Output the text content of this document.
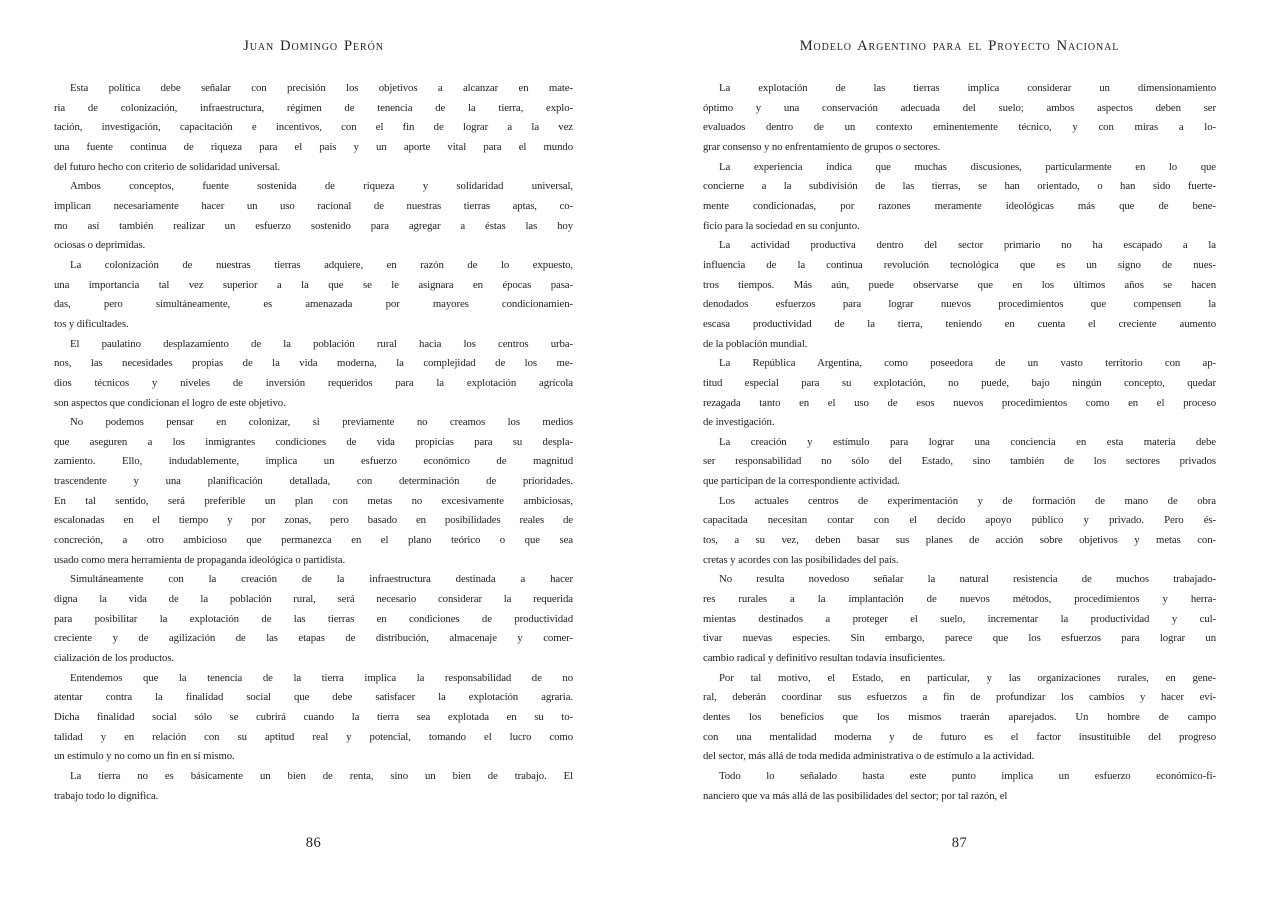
Juan Domingo Perón
Esta política debe señalar con precisión los objetivos a alcanzar en mate-
ria de colonización, infraestructura, régimen de tenencia de la tierra, explo-
tación, investigación, capacitación e incentivos, con el fin de lograr a la vez
una fuente continua de riqueza para el país y un aporte vital para el mundo
del futuro hecho con criterio de solidaridad universal.
Ambos conceptos, fuente sostenida de riqueza y solidaridad universal,
implican necesariamente hacer un uso racional de nuestras tierras aptas, co-
mo así también realizar un esfuerzo sostenido para agregar a éstas las hoy
ociosas o deprimidas.
La colonización de nuestras tierras adquiere, en razón de lo expuesto,
una importancia tal vez superior a la que se le asignara en épocas pasa-
das, pero simultáneamente, es amenazada por mayores condicionamien-
tos y dificultades.
El paulatino desplazamiento de la población rural hacia los centros urba-
nos, las necesidades propias de la vida moderna, la complejidad de los me-
dios técnicos y niveles de inversión requeridos para la explotación agrícola
son aspectos que condicionan el logro de este objetivo.
No podemos pensar en colonizar, si previamente no creamos los medios
que aseguren a los inmigrantes condiciones de vida propicias para su despla-
zamiento. Ello, indudablemente, implica un esfuerzo económico de magnitud
trascendente y una planificación detallada, con determinación de prioridades.
En tal sentido, será preferible un plan con metas no excesivamente ambiciosas,
escalonadas en el tiempo y por zonas, pero basado en posibilidades reales de
concreción, a otro ambicioso que permanezca en el plano teórico o que sea
usado como mera herramienta de propaganda ideológica o partidista.
Simultáneamente con la creación de la infraestructura destinada a hacer
digna la vida de la población rural, será necesario considerar la requerida
para posibilitar la explotación de las tierras en condiciones de productividad
creciente y de agilización de las etapas de distribución, almacenaje y comer-
cialización de los productos.
Entendemos que la tenencia de la tierra implica la responsabilidad de no
atentar contra la finalidad social que debe satisfacer la explotación agraria.
Dicha finalidad social sólo se cubrirá cuando la tierra sea explotada en su to-
talidad y en relación con su aptitud real y potencial, tomando el lucro como
un estímulo y no como un fin en sí mismo.
La tierra no es básicamente un bien de renta, sino un bien de trabajo. El
trabajo todo lo dignifica.
86
Modelo Argentino para el Proyecto Nacional
La explotación de las tierras implica considerar un dimensionamiento
óptimo y una conservación adecuada del suelo; ambos aspectos deben ser
evaluados dentro de un contexto eminentemente técnico, y con miras a lo-
grar consenso y no enfrentamiento de grupos o sectores.
La experiencia indica que muchas discusiones, particularmente en lo que
concierne a la subdivisión de las tierras, se han orientado, o han sido fuerte-
mente condicionadas, por razones meramente ideológicas más que de bene-
ficio para la sociedad en su conjunto.
La actividad productiva dentro del sector primario no ha escapado a la
influencia de la continua revolución tecnológica que es un signo de nues-
tros tiempos. Más aún, puede observarse que en los últimos años se hacen
denodados esfuerzos para lograr nuevos procedimientos que compensen la
escasa productividad de la tierra, teniendo en cuenta el creciente aumento
de la población mundial.
La República Argentina, como poseedora de un vasto territorio con ap-
titud especial para su explotación, no puede, bajo ningún concepto, quedar
rezagada tanto en el uso de esos nuevos procedimientos como en el proceso
de investigación.
La creación y estímulo para lograr una conciencia en esta materia debe
ser responsabilidad no sólo del Estado, sino también de los sectores privados
que participan de la correspondiente actividad.
Los actuales centros de experimentación y de formación de mano de obra
capacitada necesitan contar con el decido apoyo público y privado. Pero és-
tos, a su vez, deben basar sus planes de acción sobre objetivos y metas con-
cretas y acordes con las posibilidades del país.
No resulta novedoso señalar la natural resistencia de muchos trabajado-
res rurales a la implantación de nuevos métodos, procedimientos y herra-
mientas destinados a proteger el suelo, incrementar la productividad y cul-
tivar nuevas especies. Sin embargo, parece que los esfuerzos para lograr un
cambio radical y definitivo resultan todavía insuficientes.
Por tal motivo, el Estado, en particular, y las organizaciones rurales, en gene-
ral, deberán coordinar sus esfuerzos a fin de profundizar los cambios y hacer evi-
dentes los beneficios que los mismos traerán aparejados. Un hombre de campo
con una mentalidad moderna y de futuro es el factor insustituible del progreso
del sector, más allá de toda medida administrativa o de estímulo a la actividad.
Todo lo señalado hasta este punto implica un esfuerzo económico-fi-
nanciero que va más allá de las posibilidades del sector; por tal razón, el
87
